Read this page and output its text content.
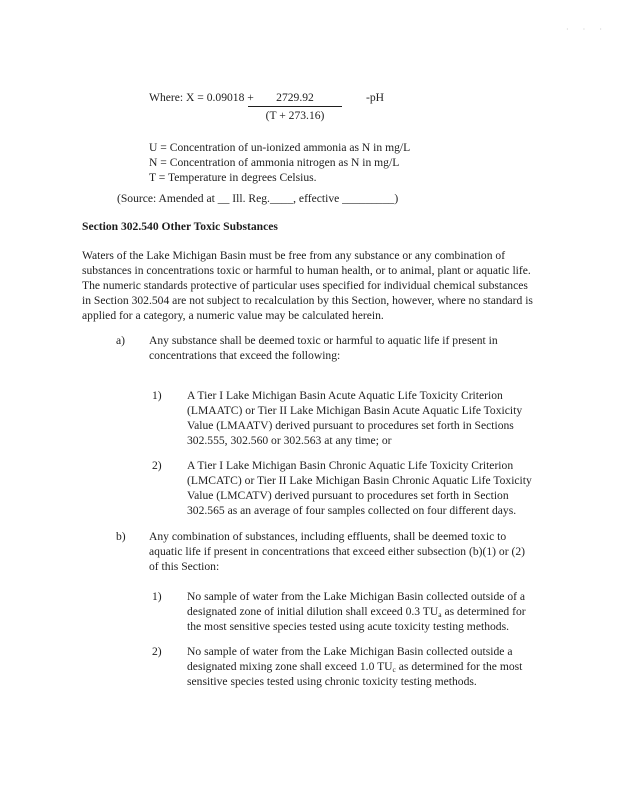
· · ·
Where: X = 0.09018 +
$\frac{2729.92}{(T + 273.16)} -pH$
U = Concentration of un-ionized ammonia as N in mg/L
N = Concentration of ammonia nitrogen as N in mg/L
T = Temperature in degrees Celsius.
(Source: Amended at __ Ill. Reg.____, effective _________)
Section 302.540 Other Toxic Substances
Waters of the Lake Michigan Basin must be free from any substance or any combination of
substances in concentrations toxic or harmful to human health, or to animal, plant or aquatic life.
The numeric standards protective of particular uses specified for individual chemical substances
in Section 302.504 are not subject to recalculation by this Section, however, where no standard is
applied for a category, a numeric value may be calculated herein.
a) Any substance shall be deemed toxic or harmful to aquatic life if present in
concentrations that exceed the following:
1) A Tier I Lake Michigan Basin Acute Aquatic Life Toxicity Criterion
(LMAATC) or Tier II Lake Michigan Basin Acute Aquatic Life Toxicity
Value (LMAATV) derived pursuant to procedures set forth in Sections
302.555, 302.560 or 302.563 at any time; or
2) A Tier I Lake Michigan Basin Chronic Aquatic Life Toxicity Criterion
(LMCATC) or Tier II Lake Michigan Basin Chronic Aquatic Life Toxicity
Value (LMCATV) derived pursuant to procedures set forth in Section
302.565 as an average of four samples collected on four different days.
b) Any combination of substances, including effluents, shall be deemed toxic to
aquatic life if present in concentrations that exceed either subsection (b)(1) or (2)
of this Section:
1) No sample of water from the Lake Michigan Basin collected outside of a
designated zone of initial dilution shall exceed 0.3 $TU_a$ as determined for
the most sensitive species tested using acute toxicity testing methods.
2) No sample of water from the Lake Michigan Basin collected outside a
designated mixing zone shall exceed 1.0 $TU_c$ as determined for the most
sensitive species tested using chronic toxicity testing methods.
